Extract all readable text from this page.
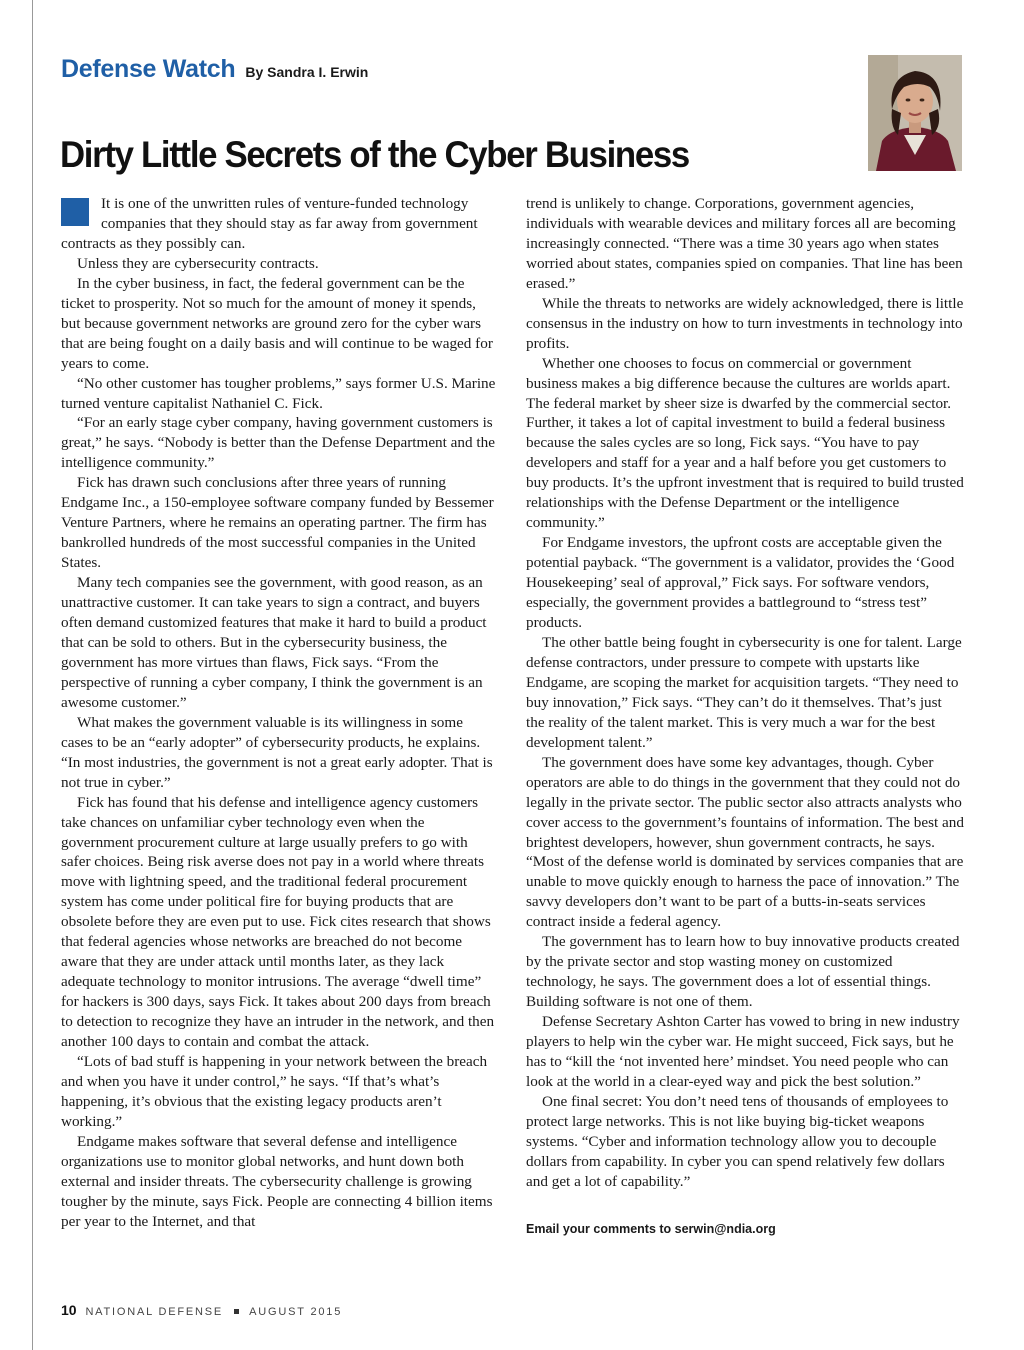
Defense Watch By Sandra I. Erwin
Dirty Little Secrets of the Cyber Business

It is one of the unwritten rules of venture-funded technology companies that they should stay as far away from government contracts as they possibly can.

Unless they are cybersecurity contracts.

In the cyber business, in fact, the federal government can be the ticket to prosperity. Not so much for the amount of money it spends, but because government networks are ground zero for the cyber wars that are being fought on a daily basis and will continue to be waged for years to come.

“No other customer has tougher problems,” says former U.S. Marine turned venture capitalist Nathaniel C. Fick.

“For an early stage cyber company, having government customers is great,” he says. “Nobody is better than the Defense Department and the intelligence community.”

Fick has drawn such conclusions after three years of running Endgame Inc., a 150-employee software company funded by Bessemer Venture Partners, where he remains an operating partner. The firm has bankrolled hundreds of the most successful companies in the United States.

Many tech companies see the government, with good reason, as an unattractive customer. It can take years to sign a contract, and buyers often demand customized features that make it hard to build a product that can be sold to others. But in the cybersecurity business, the government has more virtues than flaws, Fick says. “From the perspective of running a cyber company, I think the government is an awesome customer.”

What makes the government valuable is its willingness in some cases to be an “early adopter” of cybersecurity products, he explains. “In most industries, the government is not a great early adopter. That is not true in cyber.”

Fick has found that his defense and intelligence agency customers take chances on unfamiliar cyber technology even when the government procurement culture at large usually prefers to go with safer choices. Being risk averse does not pay in a world where threats move with lightning speed, and the traditional federal procurement system has come under political fire for buying products that are obsolete before they are even put to use. Fick cites research that shows that federal agencies whose networks are breached do not become aware that they are under attack until months later, as they lack adequate technology to monitor intrusions. The average “dwell time” for hackers is 300 days, says Fick. It takes about 200 days from breach to detection to recognize they have an intruder in the network, and then another 100 days to contain and combat the attack.

“Lots of bad stuff is happening in your network between the breach and when you have it under control,” he says. “If that’s what’s happening, it’s obvious that the existing legacy products aren’t working.”

Endgame makes software that several defense and intelligence organizations use to monitor global networks, and hunt down both external and insider threats. The cybersecurity challenge is growing tougher by the minute, says Fick. People are connecting 4 billion items per year to the Internet, and that

trend is unlikely to change. Corporations, government agencies, individuals with wearable devices and military forces all are becoming increasingly connected. “There was a time 30 years ago when states worried about states, companies spied on companies. That line has been erased.”

While the threats to networks are widely acknowledged, there is little consensus in the industry on how to turn investments in technology into profits.

Whether one chooses to focus on commercial or government business makes a big difference because the cultures are worlds apart. The federal market by sheer size is dwarfed by the commercial sector. Further, it takes a lot of capital investment to build a federal business because the sales cycles are so long, Fick says. “You have to pay developers and staff for a year and a half before you get customers to buy products. It’s the upfront investment that is required to build trusted relationships with the Defense Department or the intelligence community.”

For Endgame investors, the upfront costs are acceptable given the potential payback. “The government is a validator, provides the ‘Good Housekeeping’ seal of approval,” Fick says. For software vendors, especially, the government provides a battleground to “stress test” products.

The other battle being fought in cybersecurity is one for talent. Large defense contractors, under pressure to compete with upstarts like Endgame, are scoping the market for acquisition targets. “They need to buy innovation,” Fick says. “They can’t do it themselves. That’s just the reality of the talent market. This is very much a war for the best development talent.”

The government does have some key advantages, though. Cyber operators are able to do things in the government that they could not do legally in the private sector. The public sector also attracts analysts who cover access to the government’s fountains of information. The best and brightest developers, however, shun government contracts, he says. “Most of the defense world is dominated by services companies that are unable to move quickly enough to harness the pace of innovation.” The savvy developers don’t want to be part of a butts-in-seats services contract inside a federal agency.

The government has to learn how to buy innovative products created by the private sector and stop wasting money on customized technology, he says. The government does a lot of essential things. Building software is not one of them.

Defense Secretary Ashton Carter has vowed to bring in new industry players to help win the cyber war. He might succeed, Fick says, but he has to “kill the ‘not invented here’ mindset. You need people who can look at the world in a clear-eyed way and pick the best solution.”

One final secret: You don’t need tens of thousands of employees to protect large networks. This is not like buying big-ticket weapons systems. “Cyber and information technology allow you to decouple dollars from capability. In cyber you can spend relatively few dollars and get a lot of capability.”

Email your comments to serwin@ndia.org
10 NATIONAL DEFENSE AUGUST 2015
